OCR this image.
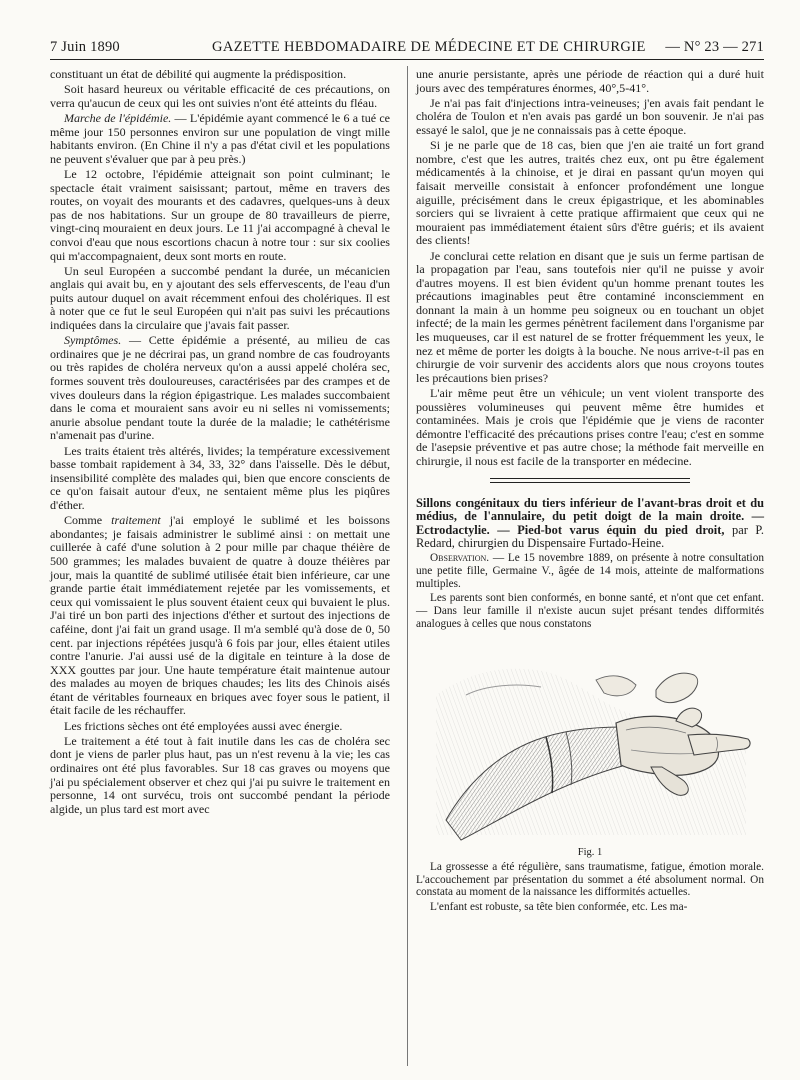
7 Juin 1890	GAZETTE HEBDOMADAIRE DE MÉDECINE ET DE CHIRURGIE — N° 23 — 271

constituant un état de débilité qui augmente la prédisposition.

Soit hasard heureux ou véritable efficacité de ces précautions, on verra qu'aucun de ceux qui les ont suivies n'ont été atteints du fléau.

Marche de l'épidémie. — L'épidémie ayant commencé le 6 a tué ce même jour 150 personnes environ sur une population de vingt mille habitants environ. (En Chine il n'y a pas d'état civil et les populations ne peuvent s'évaluer que par à peu près.)

Le 12 octobre, l'épidémie atteignait son point culminant; le spectacle était vraiment saisissant; partout, même en travers des routes, on voyait des mourants et des cadavres, quelques-uns à deux pas de nos habitations. Sur un groupe de 80 travailleurs de pierre, vingt-cinq mouraient en deux jours. Le 11 j'ai accompagné à cheval le convoi d'eau que nous escortions chacun à notre tour : sur six coolies qui m'accompagnaient, deux sont morts en route.

Un seul Européen a succombé pendant la durée, un mécanicien anglais qui avait bu, en y ajoutant des sels effervescents, de l'eau d'un puits autour duquel on avait récemment enfoui des cholériques. Il est à noter que ce fut le seul Européen qui n'ait pas suivi les précautions indiquées dans la circulaire que j'avais fait passer.

Symptômes. — Cette épidémie a présenté, au milieu de cas ordinaires que je ne décrirai pas, un grand nombre de cas foudroyants ou très rapides de choléra nerveux qu'on a aussi appelé choléra sec, formes souvent très douloureuses, caractérisées par des crampes et de vives douleurs dans la région épigastrique. Les malades succombaient dans le coma et mouraient sans avoir eu ni selles ni vomissements; anurie absolue pendant toute la durée de la maladie; le cathétérisme n'amenait pas d'urine.

Les traits étaient très altérés, livides; la température excessivement basse tombait rapidement à 34, 33, 32° dans l'aisselle. Dès le début, insensibilité complète des malades qui, bien que encore conscients de ce qu'on faisait autour d'eux, ne sentaient même plus les piqûres d'éther.

Comme traitement j'ai employé le sublimé et les boissons abondantes; je faisais administrer le sublimé ainsi : on mettait une cuillerée à café d'une solution à 2 pour mille par chaque théière de 500 grammes; les malades buvaient de quatre à douze théières par jour, mais la quantité de sublimé utilisée était bien inférieure, car une grande partie était immédiatement rejetée par les vomissements, et ceux qui vomissaient le plus souvent étaient ceux qui buvaient le plus. J'ai tiré un bon parti des injections d'éther et surtout des injections de caféine, dont j'ai fait un grand usage. Il m'a semblé qu'à dose de 0, 50 cent. par injections répétées jusqu'à 6 fois par jour, elles étaient utiles contre l'anurie. J'ai aussi usé de la digitale en teinture à la dose de XXX gouttes par jour. Une haute température était maintenue autour des malades au moyen de briques chaudes; les lits des Chinois aisés étant de véritables fourneaux en briques avec foyer sous le patient, il était facile de les réchauffer.

Les frictions sèches ont été employées aussi avec énergie.

Le traitement a été tout à fait inutile dans les cas de choléra sec dont je viens de parler plus haut, pas un n'est revenu à la vie; les cas ordinaires ont été plus favorables. Sur 18 cas graves ou moyens que j'ai pu spécialement observer et chez qui j'ai pu suivre le traitement en personne, 14 ont survécu, trois ont succombé pendant la période algide, un plus tard est mort avec

une anurie persistante, après une période de réaction qui a duré huit jours avec des températures énormes, 40°,5-41°.

Je n'ai pas fait d'injections intra-veineuses; j'en avais fait pendant le choléra de Toulon et n'en avais pas gardé un bon souvenir. Je n'ai pas essayé le salol, que je ne connaissais pas à cette époque.

Si je ne parle que de 18 cas, bien que j'en aie traité un fort grand nombre, c'est que les autres, traités chez eux, ont pu être également médicamentés à la chinoise, et je dirai en passant qu'un moyen qui faisait merveille consistait à enfoncer profondément une longue aiguille, précisément dans le creux épigastrique, et les abominables sorciers qui se livraient à cette pratique affirmaient que ceux qui ne mouraient pas immédiatement étaient sûrs d'être guéris; et ils avaient des clients!

Je conclurai cette relation en disant que je suis un ferme partisan de la propagation par l'eau, sans toutefois nier qu'il ne puisse y avoir d'autres moyens. Il est bien évident qu'un homme prenant toutes les précautions imaginables peut être contaminé inconsciemment en donnant la main à un homme peu soigneux ou en touchant un objet infecté; de la main les germes pénètrent facilement dans l'organisme par les muqueuses, car il est naturel de se frotter fréquemment les yeux, le nez et même de porter les doigts à la bouche. Ne nous arrive-t-il pas en chirurgie de voir survenir des accidents alors que nous croyons toutes les précautions bien prises?

L'air même peut être un véhicule; un vent violent transporte des poussières volumineuses qui peuvent même être humides et contaminées. Mais je crois que l'épidémie que je viens de raconter démontre l'efficacité des précautions prises contre l'eau; c'est en somme de l'asepsie préventive et pas autre chose; la méthode fait merveille en chirurgie, il nous est facile de la transporter en médecine.

Sillons congénitaux du tiers inférieur de l'avant-bras droit et du médius, de l'annulaire, du petit doigt de la main droite. — Ectrodactylie. — Pied-bot varus équin du pied droit, par P. Redard, chirurgien du Dispensaire Furtado-Heine.

Observation. — Le 15 novembre 1889, on présente à notre consultation une petite fille, Germaine V., âgée de 14 mois, atteinte de malformations multiples.

Les parents sont bien conformés, en bonne santé, et n'ont que cet enfant. — Dans leur famille il n'existe aucun sujet présant tendes difformités analogues à celles que nous constatons

Fig. 1

La grossesse a été régulière, sans traumatisme, fatigue, émotion morale. L'accouchement par présentation du sommet a été absolument normal. On constata au moment de la naissance les difformités actuelles.

L'enfant est robuste, sa tête bien conformée, etc. Les ma-
